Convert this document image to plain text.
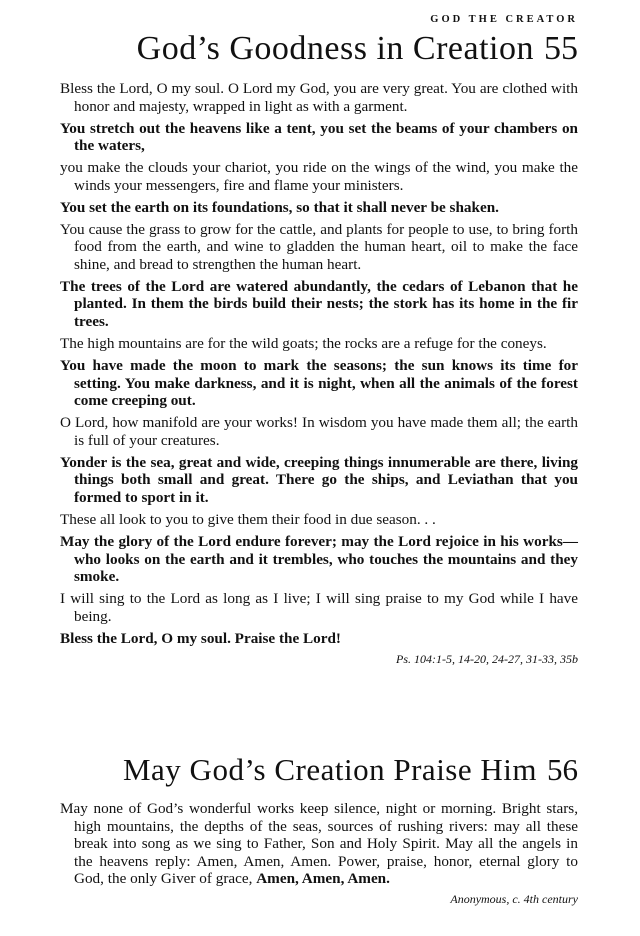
GOD THE CREATOR
God’s Goodness in Creation 55

Bless the Lord, O my soul. O Lord my God, you are very great. You are clothed with honor and majesty, wrapped in light as with a garment.

You stretch out the heavens like a tent, you set the beams of your chambers on the waters,

you make the clouds your chariot, you ride on the wings of the wind, you make the winds your messengers, fire and flame your ministers.

You set the earth on its foundations, so that it shall never be shaken.

You cause the grass to grow for the cattle, and plants for people to use, to bring forth food from the earth, and wine to gladden the human heart, oil to make the face shine, and bread to strengthen the human heart.

The trees of the Lord are watered abundantly, the cedars of Lebanon that he planted. In them the birds build their nests; the stork has its home in the fir trees.

The high mountains are for the wild goats; the rocks are a refuge for the coneys.

You have made the moon to mark the seasons; the sun knows its time for setting. You make darkness, and it is night, when all the animals of the forest come creeping out.

O Lord, how manifold are your works! In wisdom you have made them all; the earth is full of your creatures.

Yonder is the sea, great and wide, creeping things innumerable are there, living things both small and great. There go the ships, and Leviathan that you formed to sport in it.

These all look to you to give them their food in due season. . .

May the glory of the Lord endure forever; may the Lord rejoice in his works—who looks on the earth and it trembles, who touches the mountains and they smoke.

I will sing to the Lord as long as I live; I will sing praise to my God while I have being.

Bless the Lord, O my soul. Praise the Lord!

Ps. 104:1-5, 14-20, 24-27, 31-33, 35b

May God’s Creation Praise Him 56

May none of God’s wonderful works keep silence, night or morning. Bright stars, high mountains, the depths of the seas, sources of rushing rivers: may all these break into song as we sing to Father, Son and Holy Spirit. May all the angels in the heavens reply: Amen, Amen, Amen. Power, praise, honor, eternal glory to God, the only Giver of grace, Amen, Amen, Amen.

Anonymous, c. 4th century
